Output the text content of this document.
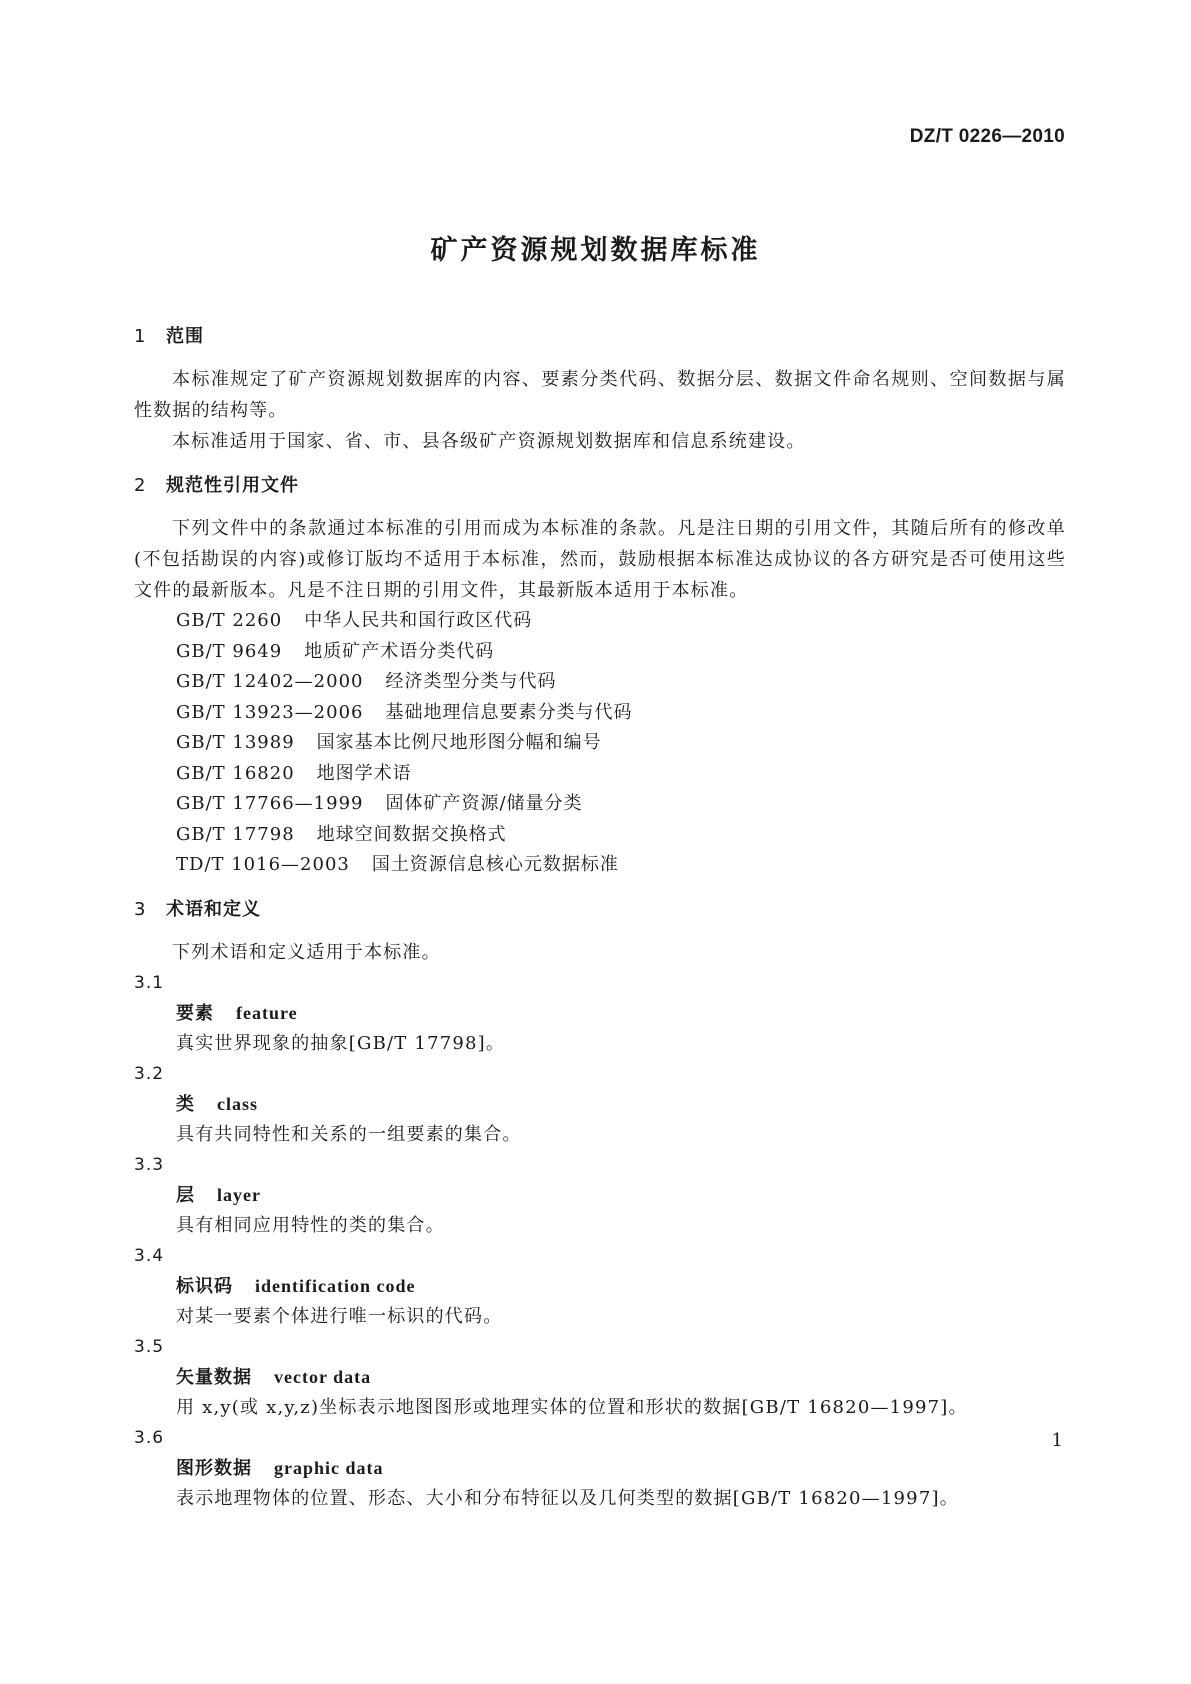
DZ/T 0226—2010
矿产资源规划数据库标准
1 范围
本标准规定了矿产资源规划数据库的内容、要素分类代码、数据分层、数据文件命名规则、空间数据与属性数据的结构等。
本标准适用于国家、省、市、县各级矿产资源规划数据库和信息系统建设。
2 规范性引用文件
下列文件中的条款通过本标准的引用而成为本标准的条款。凡是注日期的引用文件，其随后所有的修改单(不包括勘误的内容)或修订版均不适用于本标准，然而，鼓励根据本标准达成协议的各方研究是否可使用这些文件的最新版本。凡是不注日期的引用文件，其最新版本适用于本标准。
GB/T 2260 中华人民共和国行政区代码
GB/T 9649 地质矿产术语分类代码
GB/T 12402—2000 经济类型分类与代码
GB/T 13923—2006 基础地理信息要素分类与代码
GB/T 13989 国家基本比例尺地形图分幅和编号
GB/T 16820 地图学术语
GB/T 17766—1999 固体矿产资源/储量分类
GB/T 17798 地球空间数据交换格式
TD/T 1016—2003 国土资源信息核心元数据标准
3 术语和定义
下列术语和定义适用于本标准。
3.1
要素 feature
真实世界现象的抽象[GB/T 17798]。
3.2
类 class
具有共同特性和关系的一组要素的集合。
3.3
层 layer
具有相同应用特性的类的集合。
3.4
标识码 identification code
对某一要素个体进行唯一标识的代码。
3.5
矢量数据 vector data
用 x,y(或 x,y,z)坐标表示地图图形或地理实体的位置和形状的数据[GB/T 16820—1997]。
3.6
图形数据 graphic data
表示地理物体的位置、形态、大小和分布特征以及几何类型的数据[GB/T 16820—1997]。
1
